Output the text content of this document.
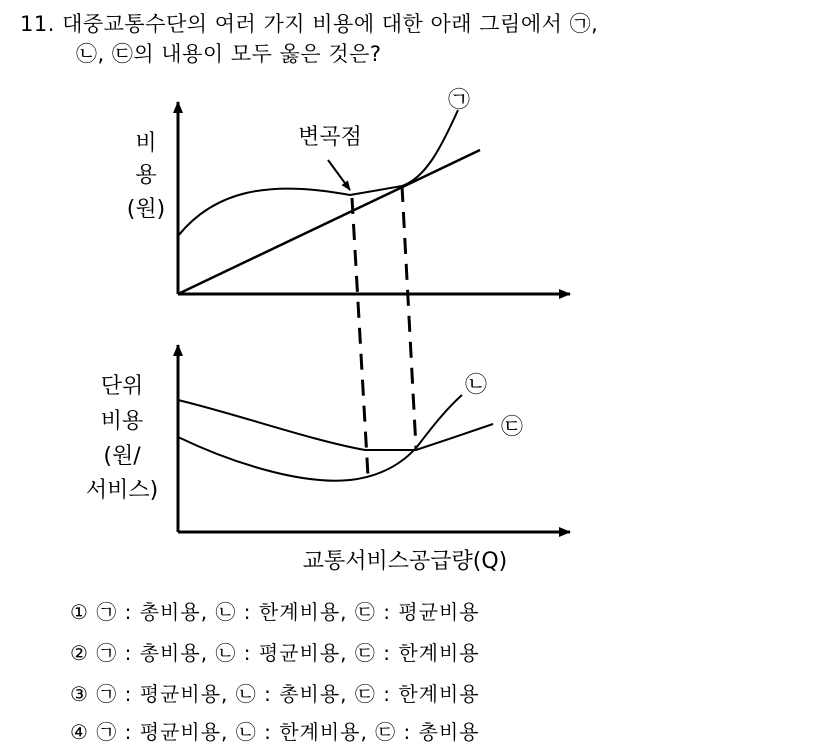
11. 대중교통수단의 여러 가지 비용에 대한 아래 그림에서 ㉠,
㉡, ㉢의 내용이 모두 옳은 것은?
비
용
(원)
㉠
변곡점
단위
비용
(원/
서비스)
㉢
㉡
교통서비스공급량(Q)
① ㉠ : 총비용, ㉡ : 한계비용, ㉢ : 평균비용
② ㉠ : 총비용, ㉡ : 평균비용, ㉢ : 한계비용
③ ㉠ : 평균비용, ㉡ : 총비용, ㉢ : 한계비용
④ ㉠ : 평균비용, ㉡ : 한계비용, ㉢ : 총비용
